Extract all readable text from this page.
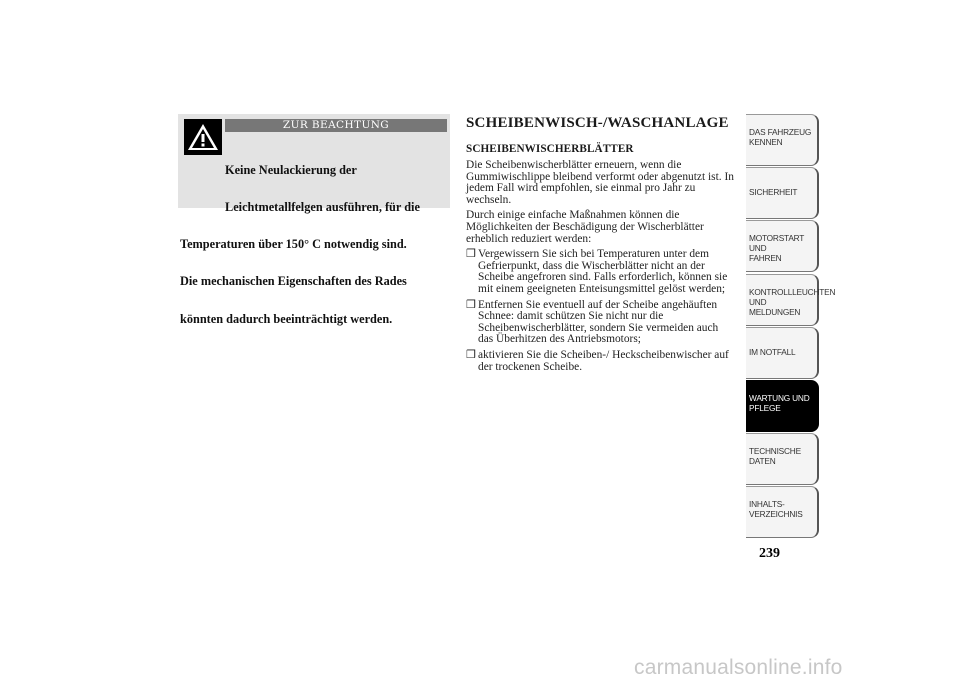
ZUR BEACHTUNG

Keine Neulackierung der

Leichtmetallfelgen ausführen, für die

Temperaturen über 150° C notwendig sind.

Die mechanischen Eigenschaften des Rades

könnten dadurch beeinträchtigt werden.

SCHEIBENWISCH-/WASCHANLAGE
SCHEIBENWISCHERBLÄTTER
Die Scheibenwischerblätter erneuern, wenn die Gummiwischlippe bleibend verformt oder abgenutzt ist. In jedem Fall wird empfohlen, sie einmal pro Jahr zu wechseln.
Durch einige einfache Maßnahmen können die Möglichkeiten der Beschädigung der Wischerblätter erheblich reduziert werden:
❒ Vergewissern Sie sich bei Temperaturen unter dem Gefrierpunkt, dass die Wischerblätter nicht an der Scheibe angefroren sind. Falls erforderlich, können sie mit einem geeigneten Enteisungsmittel gelöst werden;
❒ Entfernen Sie eventuell auf der Scheibe angehäuften Schnee: damit schützen Sie nicht nur die Scheibenwischerblätter, sondern Sie vermeiden auch das Überhitzen des Antriebsmotors;
❒ aktivieren Sie die Scheiben-/ Heckscheibenwischer auf der trockenen Scheibe.
DAS FAHRZEUG
KENNEN
SICHERHEIT
MOTORSTART UND
FAHREN
KONTROLLLEUCHTEN
UND MELDUNGEN
IM NOTFALL
WARTUNG UND
PFLEGE
TECHNISCHE
DATEN
INHALTS-
VERZEICHNIS
239
carmanualsonline.info
